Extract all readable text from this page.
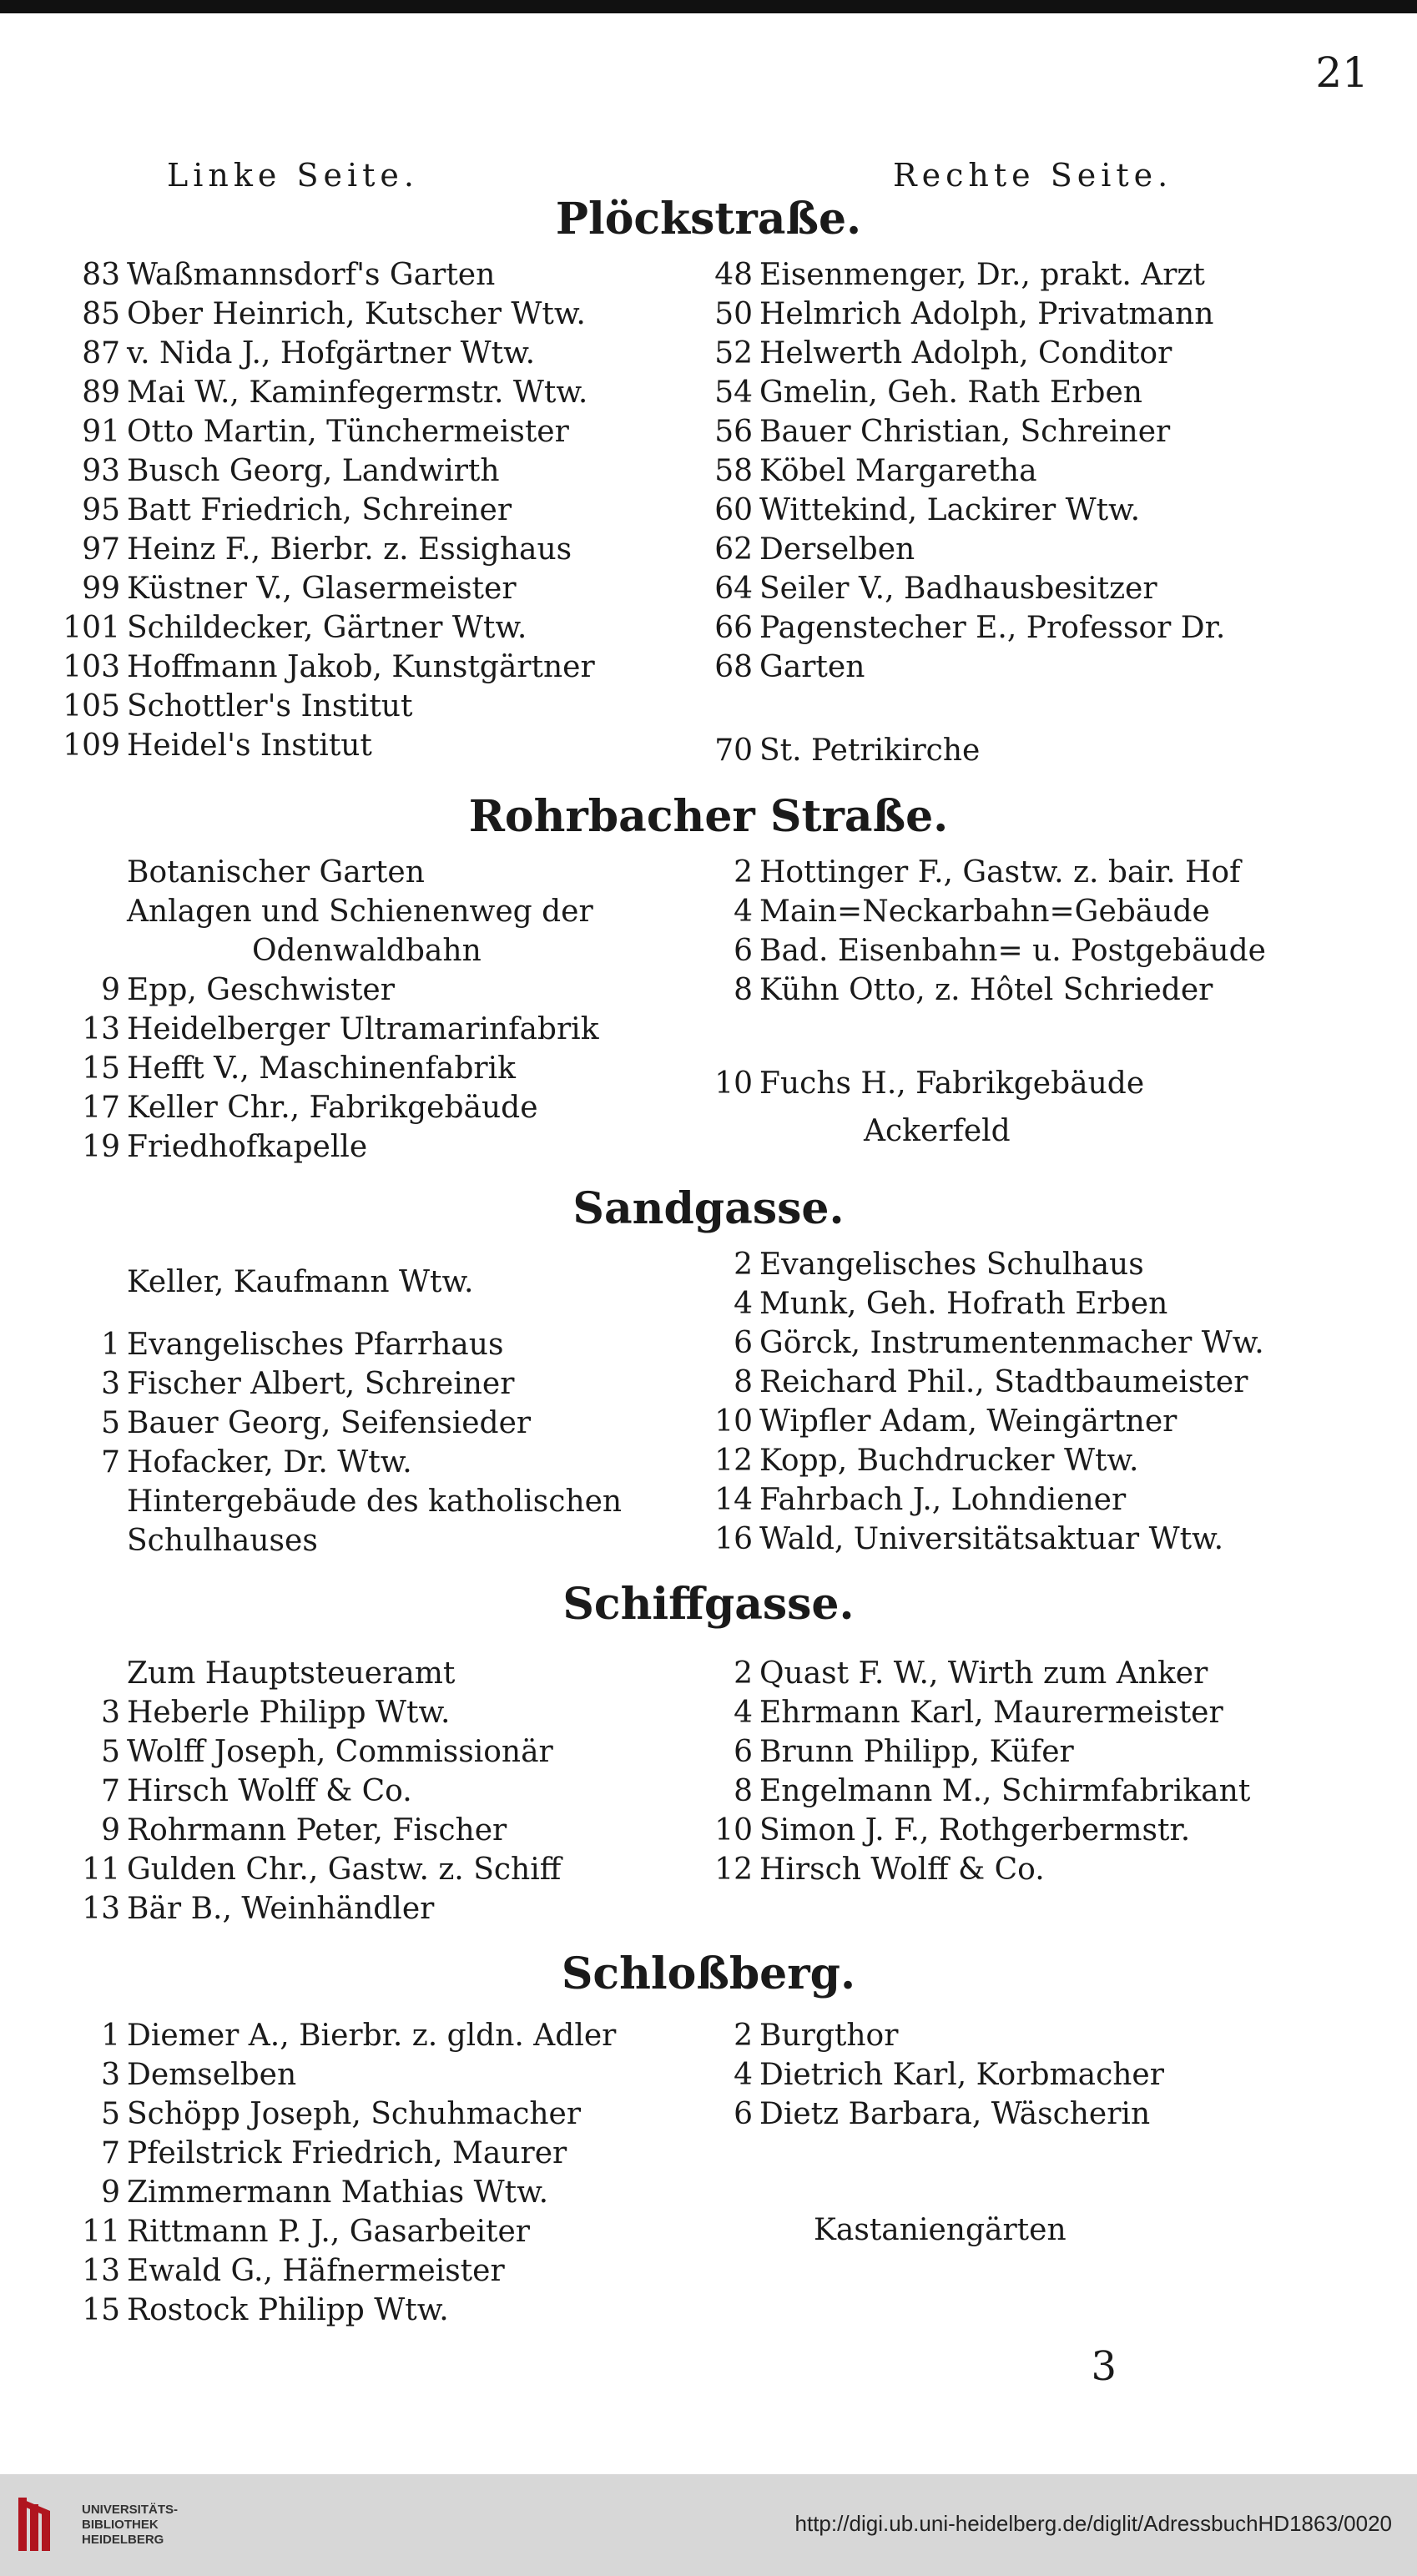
21
Linke Seite.	Rechte Seite.
Plöckstraße.
83 Waßmannsdorf's Garten
85 Ober Heinrich, Kutscher Wtw.
87 v. Nida J., Hofgärtner Wtw.
89 Mai W., Kaminfegermstr. Wtw.
91 Otto Martin, Tünchermeister
93 Busch Georg, Landwirth
95 Batt Friedrich, Schreiner
97 Heinz F., Bierbr. z. Essighaus
99 Küstner V., Glasermeister
101 Schildecker, Gärtner Wtw.
103 Hoffmann Jakob, Kunstgärtner
105 Schottler's Institut
109 Heidel's Institut
48 Eisenmenger, Dr., prakt. Arzt
50 Helmrich Adolph, Privatmann
52 Helwerth Adolph, Conditor
54 Gmelin, Geh. Rath Erben
56 Bauer Christian, Schreiner
58 Köbel Margaretha
60 Wittekind, Lackirer Wtw.
62 Derselben
64 Seiler V., Badhausbesitzer
66 Pagenstecher E., Professor Dr.
68 Garten
70 St. Petrikirche
Rohrbacher Straße.
Botanischer Garten
Anlagen und Schienenweg der
Odenwaldbahn
9 Epp, Geschwister
13 Heidelberger Ultramarinfabrik
15 Hefft V., Maschinenfabrik
17 Keller Chr., Fabrikgebäude
19 Friedhofkapelle
2 Hottinger F., Gastw. z. bair. Hof
4 Main=Neckarbahn=Gebäude
6 Bad. Eisenbahn= u. Postgebäude
8 Kühn Otto, z. Hôtel Schrieder
10 Fuchs H., Fabrikgebäude
Ackerfeld
Sandgasse.
Keller, Kaufmann Wtw.
1 Evangelisches Pfarrhaus
3 Fischer Albert, Schreiner
5 Bauer Georg, Seifensieder
7 Hofacker, Dr. Wtw.
Hintergebäude des katholischen
Schulhauses
2 Evangelisches Schulhaus
4 Munk, Geh. Hofrath Erben
6 Görck, Instrumentenmacher Ww.
8 Reichard Phil., Stadtbaumeister
10 Wipfler Adam, Weingärtner
12 Kopp, Buchdrucker Wtw.
14 Fahrbach J., Lohndiener
16 Wald, Universitätsaktuar Wtw.
Schiffgasse.
Zum Hauptsteueramt
3 Heberle Philipp Wtw.
5 Wolff Joseph, Commissionär
7 Hirsch Wolff & Co.
9 Rohrmann Peter, Fischer
11 Gulden Chr., Gastw. z. Schiff
13 Bär B., Weinhändler
2 Quast F. W., Wirth zum Anker
4 Ehrmann Karl, Maurermeister
6 Brunn Philipp, Küfer
8 Engelmann M., Schirmfabrikant
10 Simon J. F., Rothgerbermstr.
12 Hirsch Wolff & Co.
Schloßberg.
1 Diemer A., Bierbr. z. gldn. Adler
3 Demselben
5 Schöpp Joseph, Schuhmacher
7 Pfeilstrick Friedrich, Maurer
9 Zimmermann Mathias Wtw.
11 Rittmann P. J., Gasarbeiter
13 Ewald G., Häfnermeister
15 Rostock Philipp Wtw.
2 Burgthor
4 Dietrich Karl, Korbmacher
6 Dietz Barbara, Wäscherin
Kastaniengärten
3
UNIVERSITÄTS-
BIBLIOTHEK
HEIDELBERG
http://digi.ub.uni-heidelberg.de/diglit/AdressbuchHD1863/0020
